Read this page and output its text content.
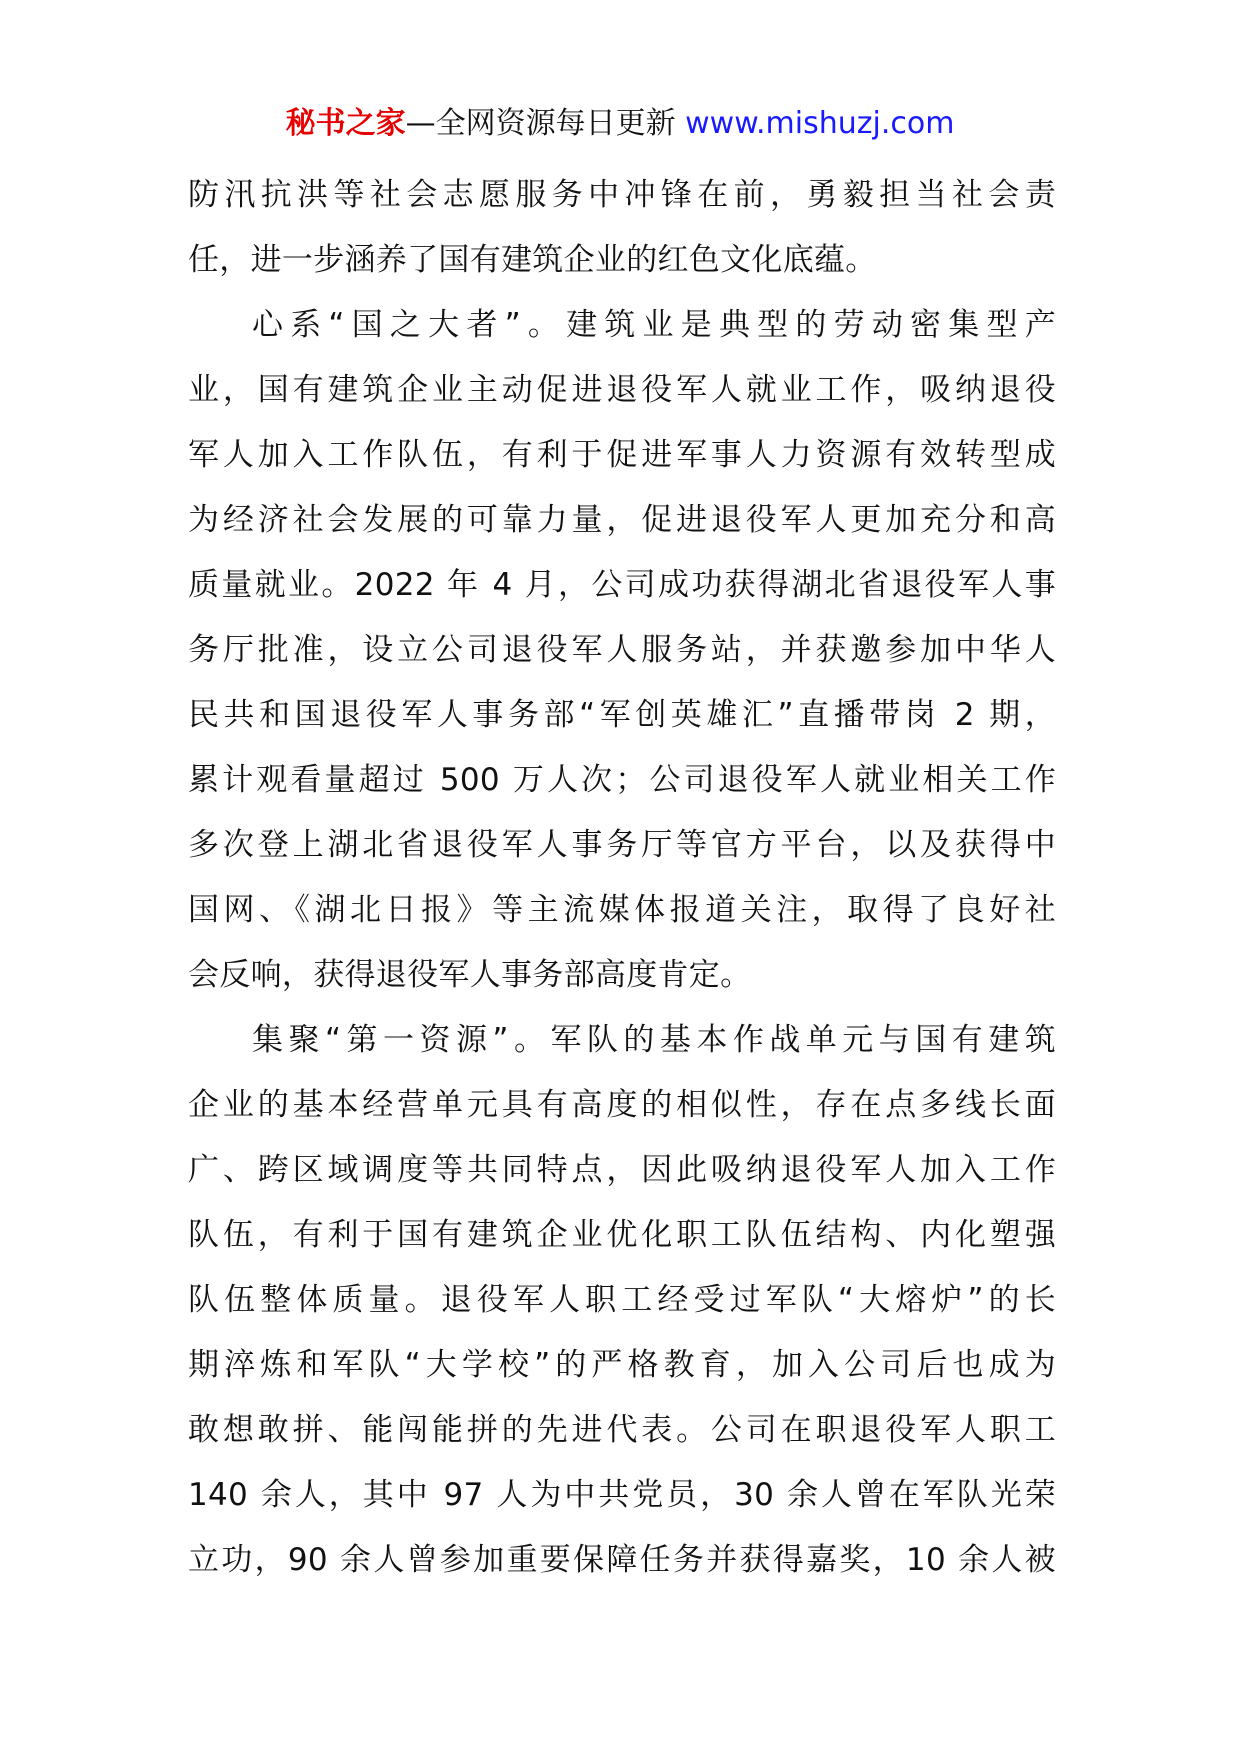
秘书之家—全网资源每日更新 www.mishuzj.com
防汛抗洪等社会志愿服务中冲锋在前，勇毅担当社会责
任，进一步涵养了国有建筑企业的红色文化底蕴。
心系“国之大者”。建筑业是典型的劳动密集型产
业，国有建筑企业主动促进退役军人就业工作，吸纳退役
军人加入工作队伍，有利于促进军事人力资源有效转型成
为经济社会发展的可靠力量，促进退役军人更加充分和高
质量就业。2022 年 4 月，公司成功获得湖北省退役军人事
务厅批准，设立公司退役军人服务站，并获邀参加中华人
民共和国退役军人事务部“军创英雄汇”直播带岗 2 期，
累计观看量超过 500 万人次；公司退役军人就业相关工作
多次登上湖北省退役军人事务厅等官方平台，以及获得中
国网、《湖北日报》等主流媒体报道关注，取得了良好社
会反响，获得退役军人事务部高度肯定。
集聚“第一资源”。军队的基本作战单元与国有建筑
企业的基本经营单元具有高度的相似性，存在点多线长面
广、跨区域调度等共同特点，因此吸纳退役军人加入工作
队伍，有利于国有建筑企业优化职工队伍结构、内化塑强
队伍整体质量。退役军人职工经受过军队“大熔炉”的长
期淬炼和军队“大学校”的严格教育，加入公司后也成为
敢想敢拼、能闯能拼的先进代表。公司在职退役军人职工
140 余人，其中 97 人为中共党员，30 余人曾在军队光荣
立功，90 余人曾参加重要保障任务并获得嘉奖，10 余人被
